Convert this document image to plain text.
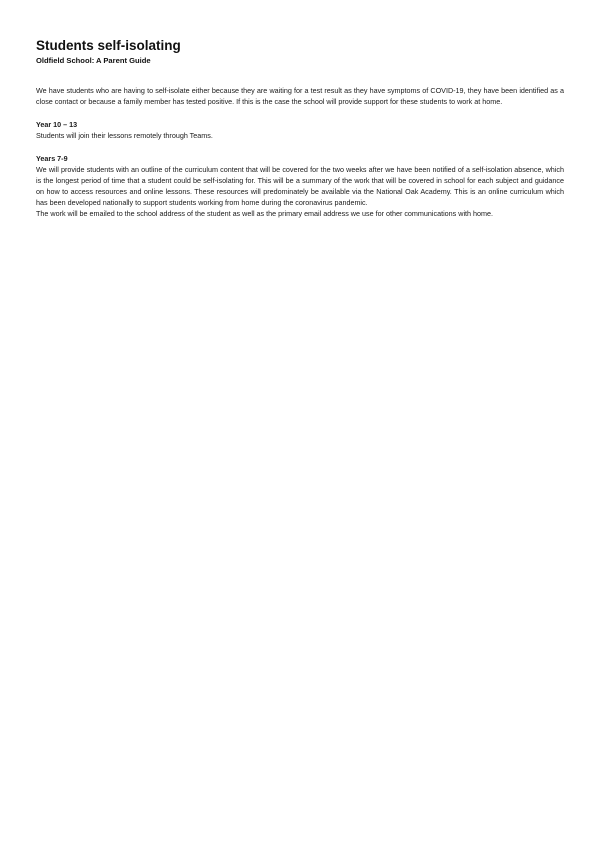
Students self-isolating
Oldfield School: A Parent Guide

We have students who are having to self-isolate either because they are waiting for a test result as they have symptoms of COVID-19, they have been identified as a close contact or because a family member has tested positive. If this is the case the school will provide support for these students to work at home.

Year 10 – 13

Students will join their lessons remotely through Teams.

Years 7-9

We will provide students with an outline of the curriculum content that will be covered for the two weeks after we have been notified of a self-isolation absence, which is the longest period of time that a student could be self-isolating for. This will be a summary of the work that will be covered in school for each subject and guidance on how to access resources and online lessons. These resources will predominately be available via the National Oak Academy. This is an online curriculum which has been developed nationally to support students working from home during the coronavirus pandemic.

The work will be emailed to the school address of the student as well as the primary email address we use for other communications with home.
